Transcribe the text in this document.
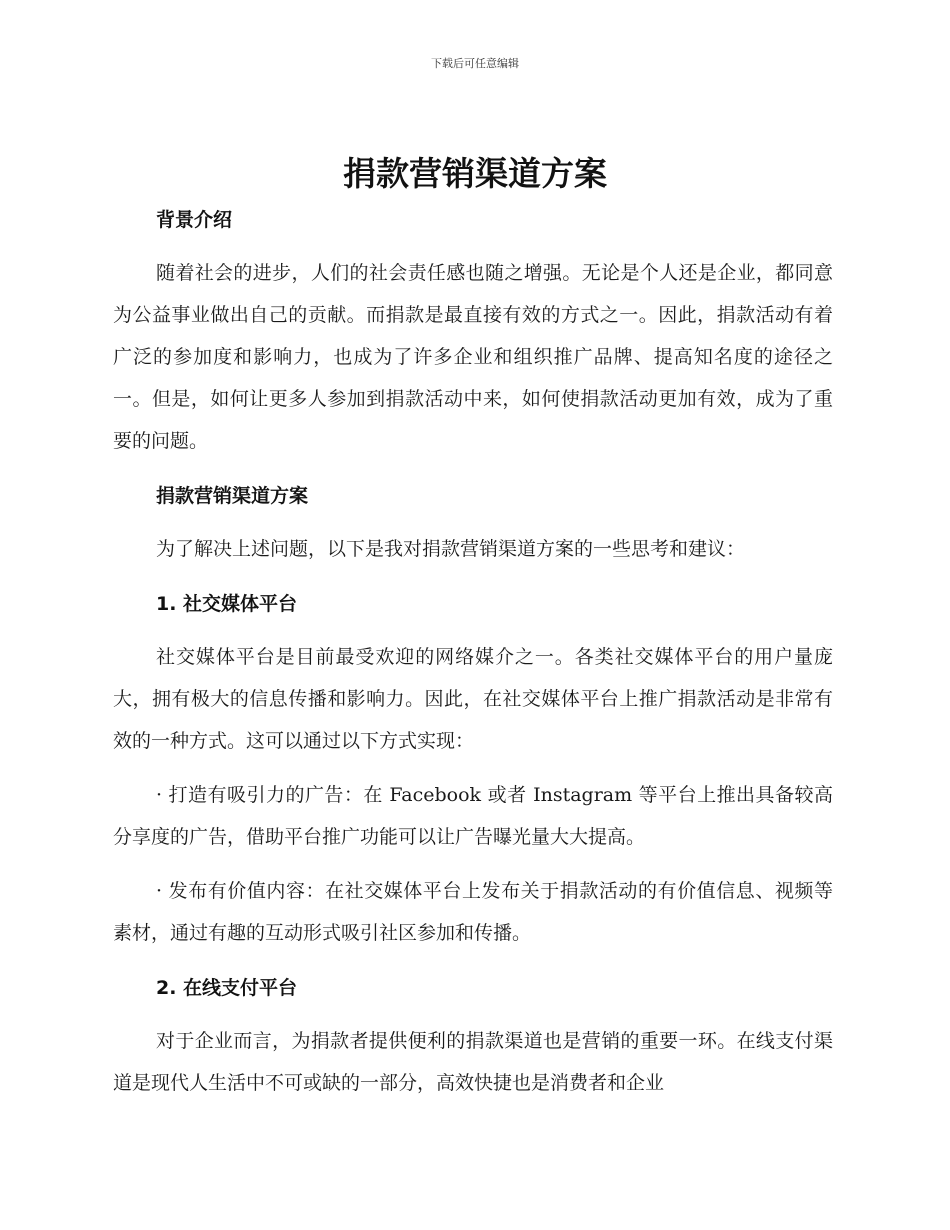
下载后可任意编辑
捐款营销渠道方案

背景介绍

随着社会的进步，人们的社会责任感也随之增强。无论是个人还是企业，都同意为公益事业做出自己的贡献。而捐款是最直接有效的方式之一。因此，捐款活动有着广泛的参加度和影响力，也成为了许多企业和组织推广品牌、提高知名度的途径之一。但是，如何让更多人参加到捐款活动中来，如何使捐款活动更加有效，成为了重要的问题。

捐款营销渠道方案

为了解决上述问题，以下是我对捐款营销渠道方案的一些思考和建议：

1. 社交媒体平台

社交媒体平台是目前最受欢迎的网络媒介之一。各类社交媒体平台的用户量庞大，拥有极大的信息传播和影响力。因此，在社交媒体平台上推广捐款活动是非常有效的一种方式。这可以通过以下方式实现：

· 打造有吸引力的广告：在 Facebook 或者 Instagram 等平台上推出具备较高分享度的广告，借助平台推广功能可以让广告曝光量大大提高。

· 发布有价值内容：在社交媒体平台上发布关于捐款活动的有价值信息、视频等素材，通过有趣的互动形式吸引社区参加和传播。

2. 在线支付平台

对于企业而言，为捐款者提供便利的捐款渠道也是营销的重要一环。在线支付渠道是现代人生活中不可或缺的一部分，高效快捷也是消费者和企业
